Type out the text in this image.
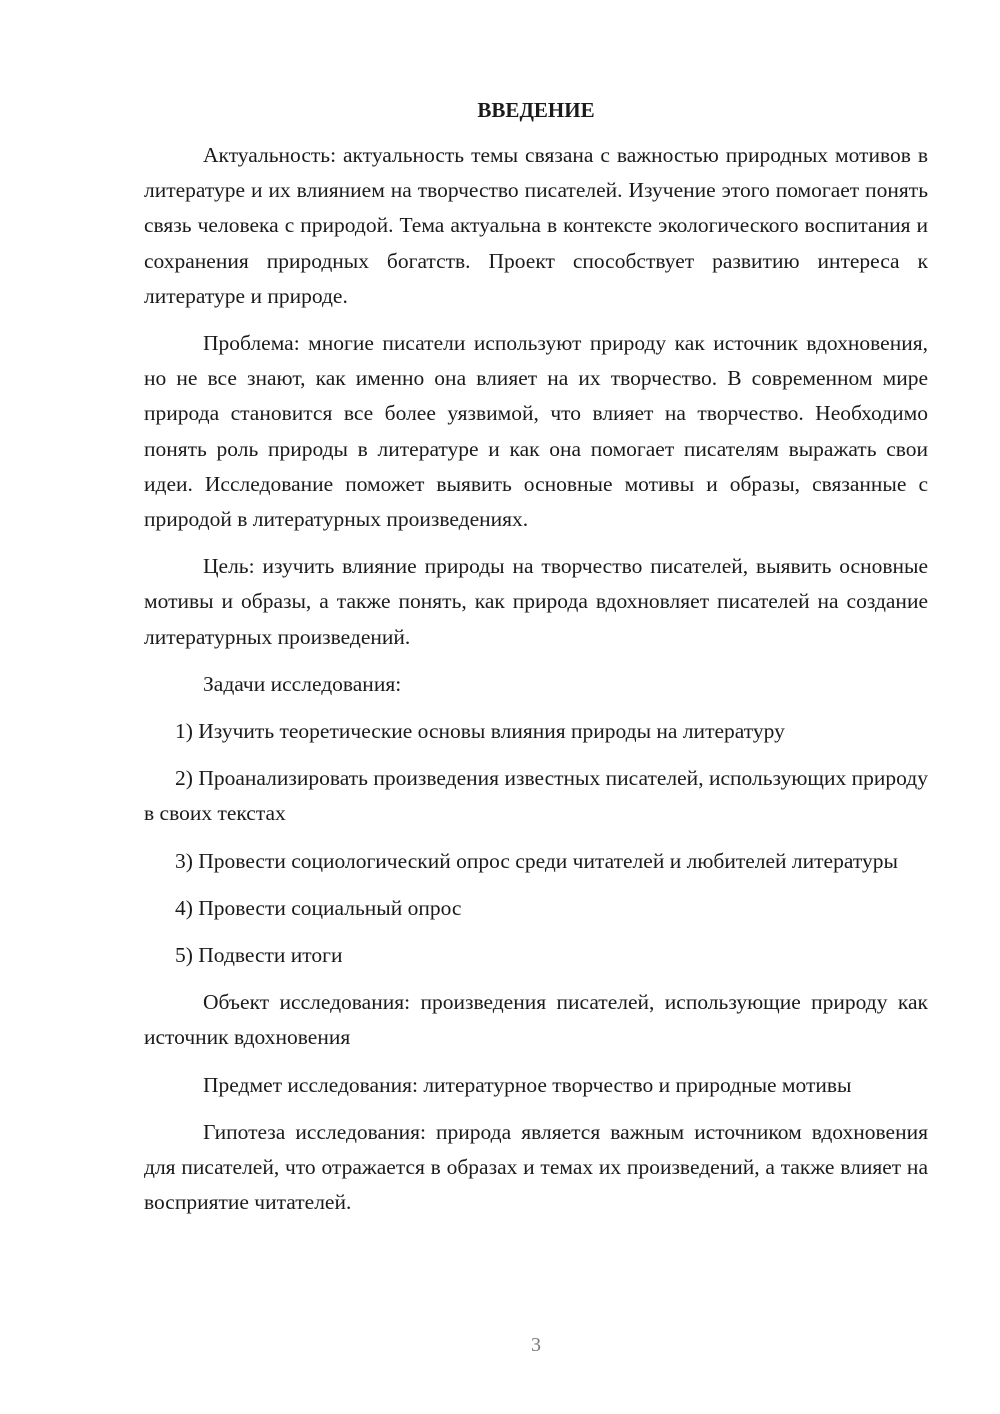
ВВЕДЕНИЕ

Актуальность: актуальность темы связана с важностью природных мотивов в литературе и их влиянием на творчество писателей. Изучение этого помогает понять связь человека с природой. Тема актуальна в контексте экологического воспитания и сохранения природных богатств. Проект способствует развитию интереса к литературе и природе.

Проблема: многие писатели используют природу как источник вдохновения, но не все знают, как именно она влияет на их творчество. В современном мире природа становится все более уязвимой, что влияет на творчество. Необходимо понять роль природы в литературе и как она помогает писателям выражать свои идеи. Исследование поможет выявить основные мотивы и образы, связанные с природой в литературных произведениях.

Цель: изучить влияние природы на творчество писателей, выявить основные мотивы и образы, а также понять, как природа вдохновляет писателей на создание литературных произведений.

Задачи исследования:

1) Изучить теоретические основы влияния природы на литературу

2) Проанализировать произведения известных писателей, использующих природу в своих текстах

3) Провести социологический опрос среди читателей и любителей литературы

4) Провести социальный опрос

5) Подвести итоги

Объект исследования: произведения писателей, использующие природу как источник вдохновения

Предмет исследования: литературное творчество и природные мотивы

Гипотеза исследования: природа является важным источником вдохновения для писателей, что отражается в образах и темах их произведений, а также влияет на восприятие читателей.

3
